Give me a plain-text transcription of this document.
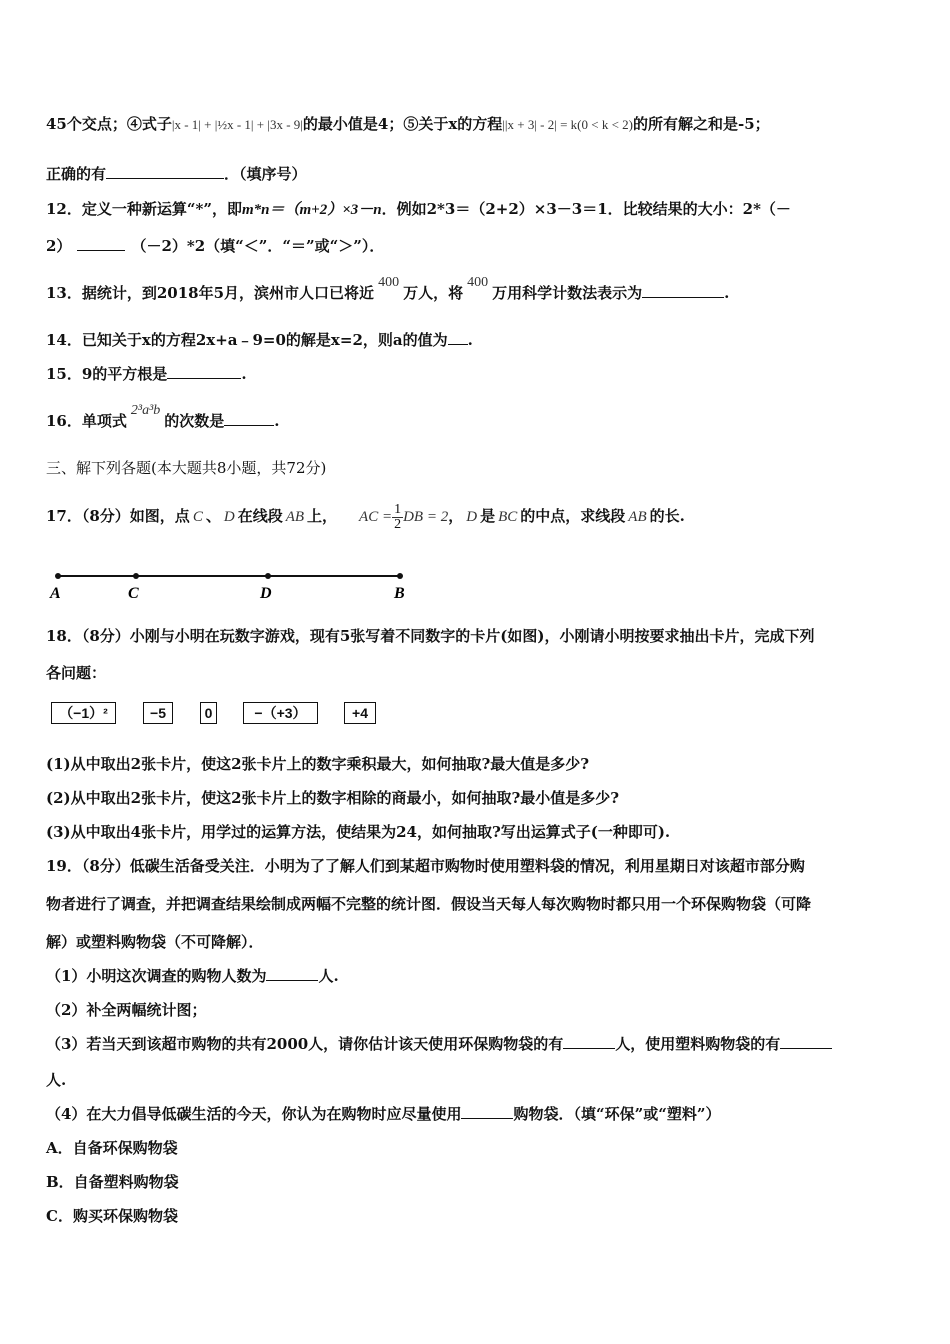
45个交点；④式子|x - 1| + |½x - 1| + |3x - 9|的最小值是4；⑤关于x的方程||x + 3| - 2| = k(0 < k < 2)的所有解之和是-5；
正确的有	．（填序号）
12．定义一种新运算“*”，即m*n＝（m+2）×3－n．例如2*3＝（2+2）×3－3＝1．比较结果的大小：2*（－
2）	（－2）*2（填“＜”．“＝”或“＞”）．
13．据统计，到2018年5月，滨州市人口已将近400万人，将400万用科学计数法表示为	.
14．已知关于x的方程2x+a﹣9=0的解是x=2，则a的值为 .
15．9的平方根是	.
16．单项式2³a³b的次数是	.
三、解下列各题(本大题共8小题，共72分)
17．（8分）如图，点 C 、 D 在线段 AB 上， AC = $\frac{1}{2}$ DB = 2， D 是 BC 的中点，求线段 AB 的长.
A	C	D	B
18．（8分）小刚与小明在玩数字游戏，现有5张写着不同数字的卡片(如图)，小刚请小明按要求抽出卡片，完成下列
各问题：
（−1）²	−5	0	−（+3）	+4
(1)从中取出2张卡片，使这2张卡片上的数字乘积最大，如何抽取?最大值是多少?
(2)从中取出2张卡片，使这2张卡片上的数字相除的商最小，如何抽取?最小值是多少?
(3)从中取出4张卡片，用学过的运算方法，使结果为24，如何抽取?写出运算式子(一种即可).
19．（8分）低碳生活备受关注．小明为了了解人们到某超市购物时使用塑料袋的情况，利用星期日对该超市部分购
物者进行了调查，并把调查结果绘制成两幅不完整的统计图．假设当天每人每次购物时都只用一个环保购物袋（可降
解）或塑料购物袋（不可降解）．
（1）小明这次调查的购物人数为	人.
（2）补全两幅统计图；
（3）若当天到该超市购物的共有2000人，请你估计该天使用环保购物袋的有	人，使用塑料购物袋的有
人.
（4）在大力倡导低碳生活的今天，你认为在购物时应尽量使用	购物袋．（填“环保”或“塑料”）
A．自备环保购物袋
B．自备塑料购物袋
C．购买环保购物袋
